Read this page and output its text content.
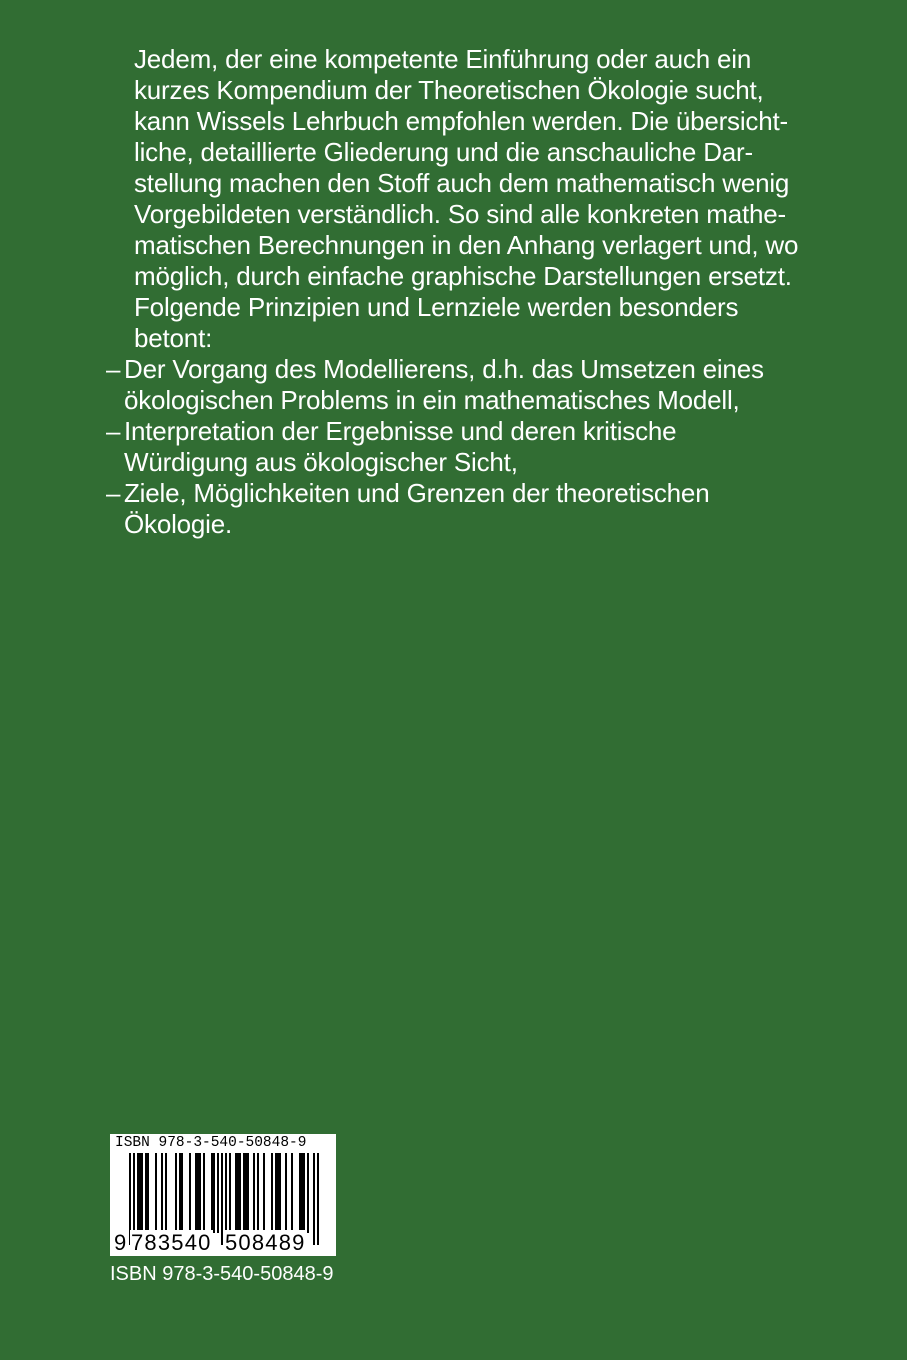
Jedem, der eine kompetente Einführung oder auch ein
kurzes Kompendium der Theoretischen Ökologie sucht,
kann Wissels Lehrbuch empfohlen werden. Die übersicht-
liche, detaillierte Gliederung und die anschauliche Dar-
stellung machen den Stoff auch dem mathematisch wenig
Vorgebildeten verständlich. So sind alle konkreten mathe-
matischen Berechnungen in den Anhang verlagert und, wo
möglich, durch einfache graphische Darstellungen ersetzt.
Folgende Prinzipien und Lernziele werden besonders
betont:
– Der Vorgang des Modellierens, d.h. das Umsetzen eines
ökologischen Problems in ein mathematisches Modell,
– Interpretation der Ergebnisse und deren kritische
Würdigung aus ökologischer Sicht,
– Ziele, Möglichkeiten und Grenzen der theoretischen
Ökologie.
ISBN 978-3-540-50848-9
9 783540 508489
ISBN 978-3-540-50848-9
